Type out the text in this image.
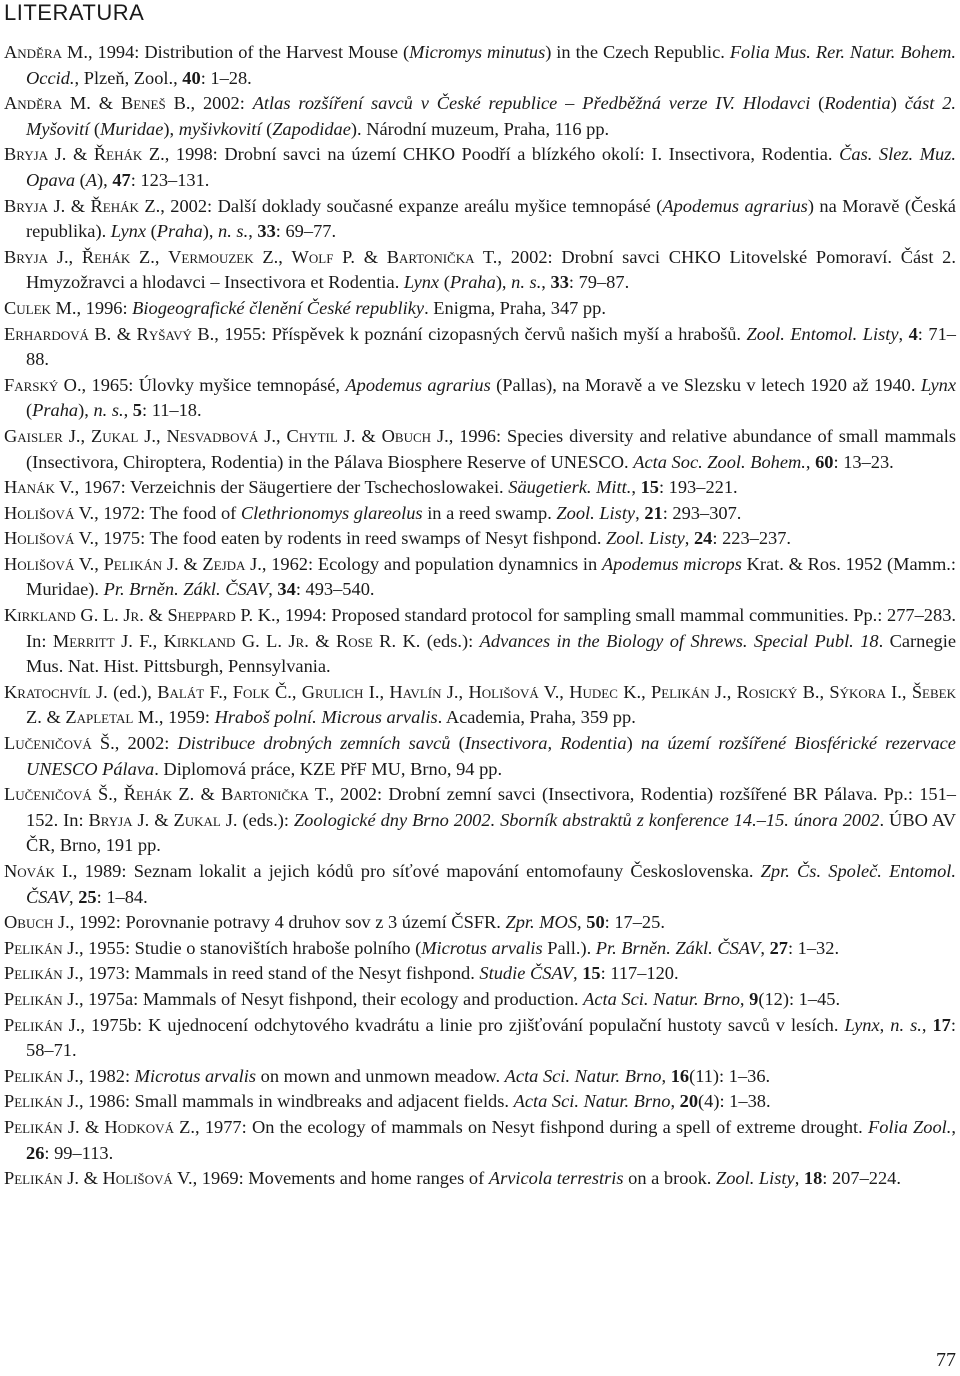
LITERATURA
Anděra M., 1994: Distribution of the Harvest Mouse (Micromys minutus) in the Czech Republic. Folia Mus. Rer. Natur. Bohem. Occid., Plzeň, Zool., 40: 1–28.
Anděra M. & Beneš B., 2002: Atlas rozšíření savců v České republice – Předběžná verze IV. Hlodavci (Rodentia) část 2. Myšovití (Muridae), myšivkovití (Zapodidae). Národní muzeum, Praha, 116 pp.
Bryja J. & Řehák Z., 1998: Drobní savci na území CHKO Poodří a blízkého okolí: I. Insectivora, Rodentia. Čas. Slez. Muz. Opava (A), 47: 123–131.
Bryja J. & Řehák Z., 2002: Další doklady současné expanze areálu myšice temnopásé (Apodemus agrarius) na Moravě (Česká republika). Lynx (Praha), n. s., 33: 69–77.
Bryja J., Řehák Z., Vermouzek Z., Wolf P. & Bartonička T., 2002: Drobní savci CHKO Litovelské Pomoraví. Část 2. Hmyzožravci a hlodavci – Insectivora et Rodentia. Lynx (Praha), n. s., 33: 79–87.
Culek M., 1996: Biogeografické členění České republiky. Enigma, Praha, 347 pp.
Erhardová B. & Ryšavý B., 1955: Příspěvek k poznání cizopasných červů našich myší a hrabošů. Zool. Entomol. Listy, 4: 71–88.
Farský O., 1965: Úlovky myšice temnopásé, Apodemus agrarius (Pallas), na Moravě a ve Slezsku v letech 1920 až 1940. Lynx (Praha), n. s., 5: 11–18.
Gaisler J., Zukal J., Nesvadbová J., Chytil J. & Obuch J., 1996: Species diversity and relative abundance of small mammals (Insectivora, Chiroptera, Rodentia) in the Pálava Biosphere Reserve of UNESCO. Acta Soc. Zool. Bohem., 60: 13–23.
Hanák V., 1967: Verzeichnis der Säugertiere der Tschechoslowakei. Säugetierk. Mitt., 15: 193–221.
Holišová V., 1972: The food of Clethrionomys glareolus in a reed swamp. Zool. Listy, 21: 293–307.
Holišová V., 1975: The food eaten by rodents in reed swamps of Nesyt fishpond. Zool. Listy, 24: 223–237.
Holišová V., Pelikán J. & Zejda J., 1962: Ecology and population dynamnics in Apodemus microps Krat. & Ros. 1952 (Mamm.: Muridae). Pr. Brněn. Zákl. ČSAV, 34: 493–540.
Kirkland G. L. Jr. & Sheppard P. K., 1994: Proposed standard protocol for sampling small mammal communities. Pp.: 277–283. In: Merritt J. F., Kirkland G. L. Jr. & Rose R. K. (eds.): Advances in the Biology of Shrews. Special Publ. 18. Carnegie Mus. Nat. Hist. Pittsburgh, Pennsylvania.
Kratochvíl J. (ed.), Balát F., Folk Č., Grulich I., Havlín J., Holišová V., Hudec K., Pelikán J., Rosický B., Sýkora I., Šebek Z. & Zapletal M., 1959: Hraboš polní. Microus arvalis. Academia, Praha, 359 pp.
Lučeničová Š., 2002: Distribuce drobných zemních savců (Insectivora, Rodentia) na území rozšířené Biosférické rezervace UNESCO Pálava. Diplomová práce, KZE PřF MU, Brno, 94 pp.
Lučeničová Š., Řehák Z. & Bartonička T., 2002: Drobní zemní savci (Insectivora, Rodentia) rozšířené BR Pálava. Pp.: 151–152. In: Bryja J. & Zukal J. (eds.): Zoologické dny Brno 2002. Sborník abstraktů z konference 14.–15. února 2002. ÚBO AV ČR, Brno, 191 pp.
Novák I., 1989: Seznam lokalit a jejich kódů pro síťové mapování entomofauny Československa. Zpr. Čs. Společ. Entomol. ČSAV, 25: 1–84.
Obuch J., 1992: Porovnanie potravy 4 druhov sov z 3 území ČSFR. Zpr. MOS, 50: 17–25.
Pelikán J., 1955: Studie o stanovištích hraboše polního (Microtus arvalis Pall.). Pr. Brněn. Zákl. ČSAV, 27: 1–32.
Pelikán J., 1973: Mammals in reed stand of the Nesyt fishpond. Studie ČSAV, 15: 117–120.
Pelikán J., 1975a: Mammals of Nesyt fishpond, their ecology and production. Acta Sci. Natur. Brno, 9(12): 1–45.
Pelikán J., 1975b: K ujednocení odchytového kvadrátu a linie pro zjišťování populační hustoty savců v lesích. Lynx, n. s., 17: 58–71.
Pelikán J., 1982: Microtus arvalis on mown and unmown meadow. Acta Sci. Natur. Brno, 16(11): 1–36.
Pelikán J., 1986: Small mammals in windbreaks and adjacent fields. Acta Sci. Natur. Brno, 20(4): 1–38.
Pelikán J. & Hodková Z., 1977: On the ecology of mammals on Nesyt fishpond during a spell of extreme drought. Folia Zool., 26: 99–113.
Pelikán J. & Holišová V., 1969: Movements and home ranges of Arvicola terrestris on a brook. Zool. Listy, 18: 207–224.
77
